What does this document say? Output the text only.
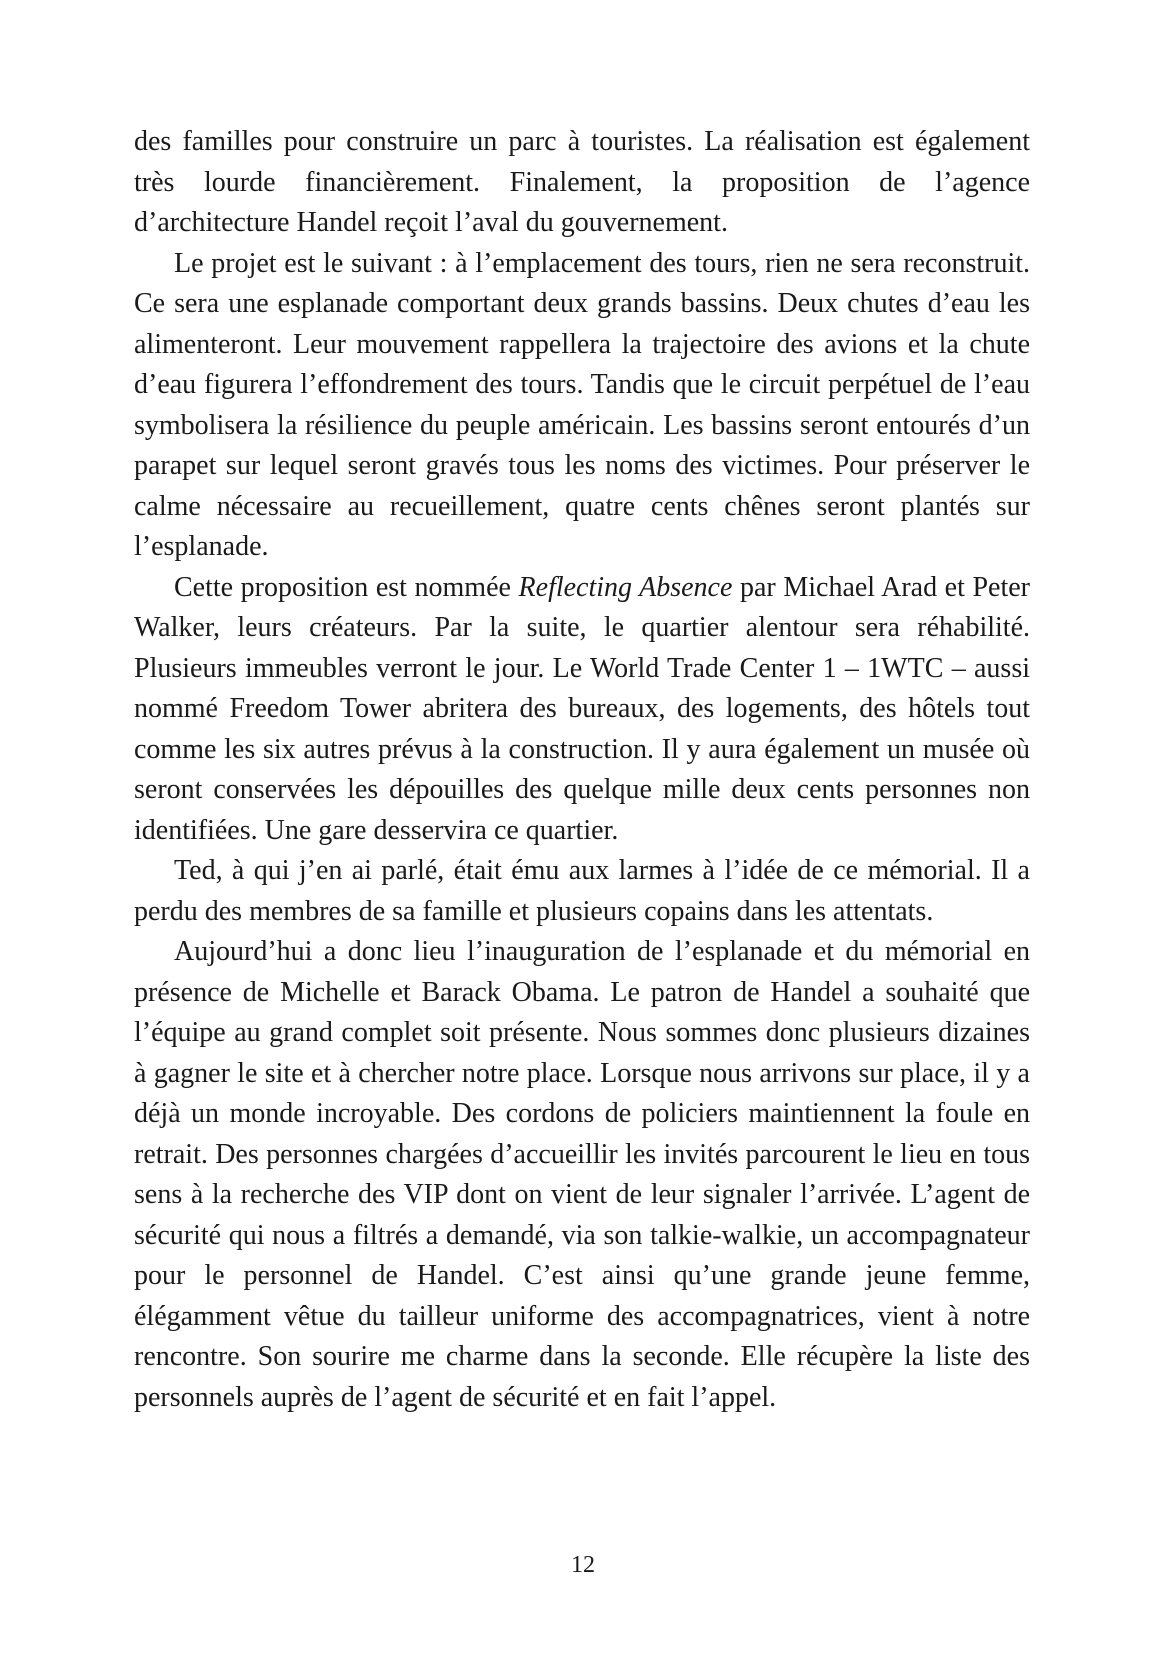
des familles pour construire un parc à touristes. La réalisation est également très lourde financièrement. Finalement, la proposition de l’agence d’architecture Handel reçoit l’aval du gouvernement.

Le projet est le suivant : à l’emplacement des tours, rien ne sera reconstruit. Ce sera une esplanade comportant deux grands bassins. Deux chutes d’eau les alimenteront. Leur mouvement rappellera la trajectoire des avions et la chute d’eau figurera l’effondrement des tours. Tandis que le circuit perpétuel de l’eau symbolisera la résilience du peuple américain. Les bassins seront entourés d’un parapet sur lequel seront gravés tous les noms des victimes. Pour préserver le calme nécessaire au recueillement, quatre cents chênes seront plantés sur l’esplanade.

Cette proposition est nommée Reflecting Absence par Michael Arad et Peter Walker, leurs créateurs. Par la suite, le quartier alentour sera réhabilité. Plusieurs immeubles verront le jour. Le World Trade Center 1 – 1WTC – aussi nommé Freedom Tower abritera des bureaux, des logements, des hôtels tout comme les six autres prévus à la construction. Il y aura également un musée où seront conservées les dépouilles des quelque mille deux cents personnes non identifiées. Une gare desservira ce quartier.

Ted, à qui j’en ai parlé, était ému aux larmes à l’idée de ce mémorial. Il a perdu des membres de sa famille et plusieurs copains dans les attentats.

Aujourd’hui a donc lieu l’inauguration de l’esplanade et du mémorial en présence de Michelle et Barack Obama. Le patron de Handel a souhaité que l’équipe au grand complet soit présente. Nous sommes donc plusieurs dizaines à gagner le site et à chercher notre place. Lorsque nous arrivons sur place, il y a déjà un monde incroyable. Des cordons de policiers maintiennent la foule en retrait. Des personnes chargées d’accueillir les invités parcourent le lieu en tous sens à la recherche des VIP dont on vient de leur signaler l’arrivée. L’agent de sécurité qui nous a filtrés a demandé, via son talkie-walkie, un accompagnateur pour le personnel de Handel. C’est ainsi qu’une grande jeune femme, élégamment vêtue du tailleur uniforme des accompagnatrices, vient à notre rencontre. Son sourire me charme dans la seconde. Elle récupère la liste des personnels auprès de l’agent de sécurité et en fait l’appel.

12
